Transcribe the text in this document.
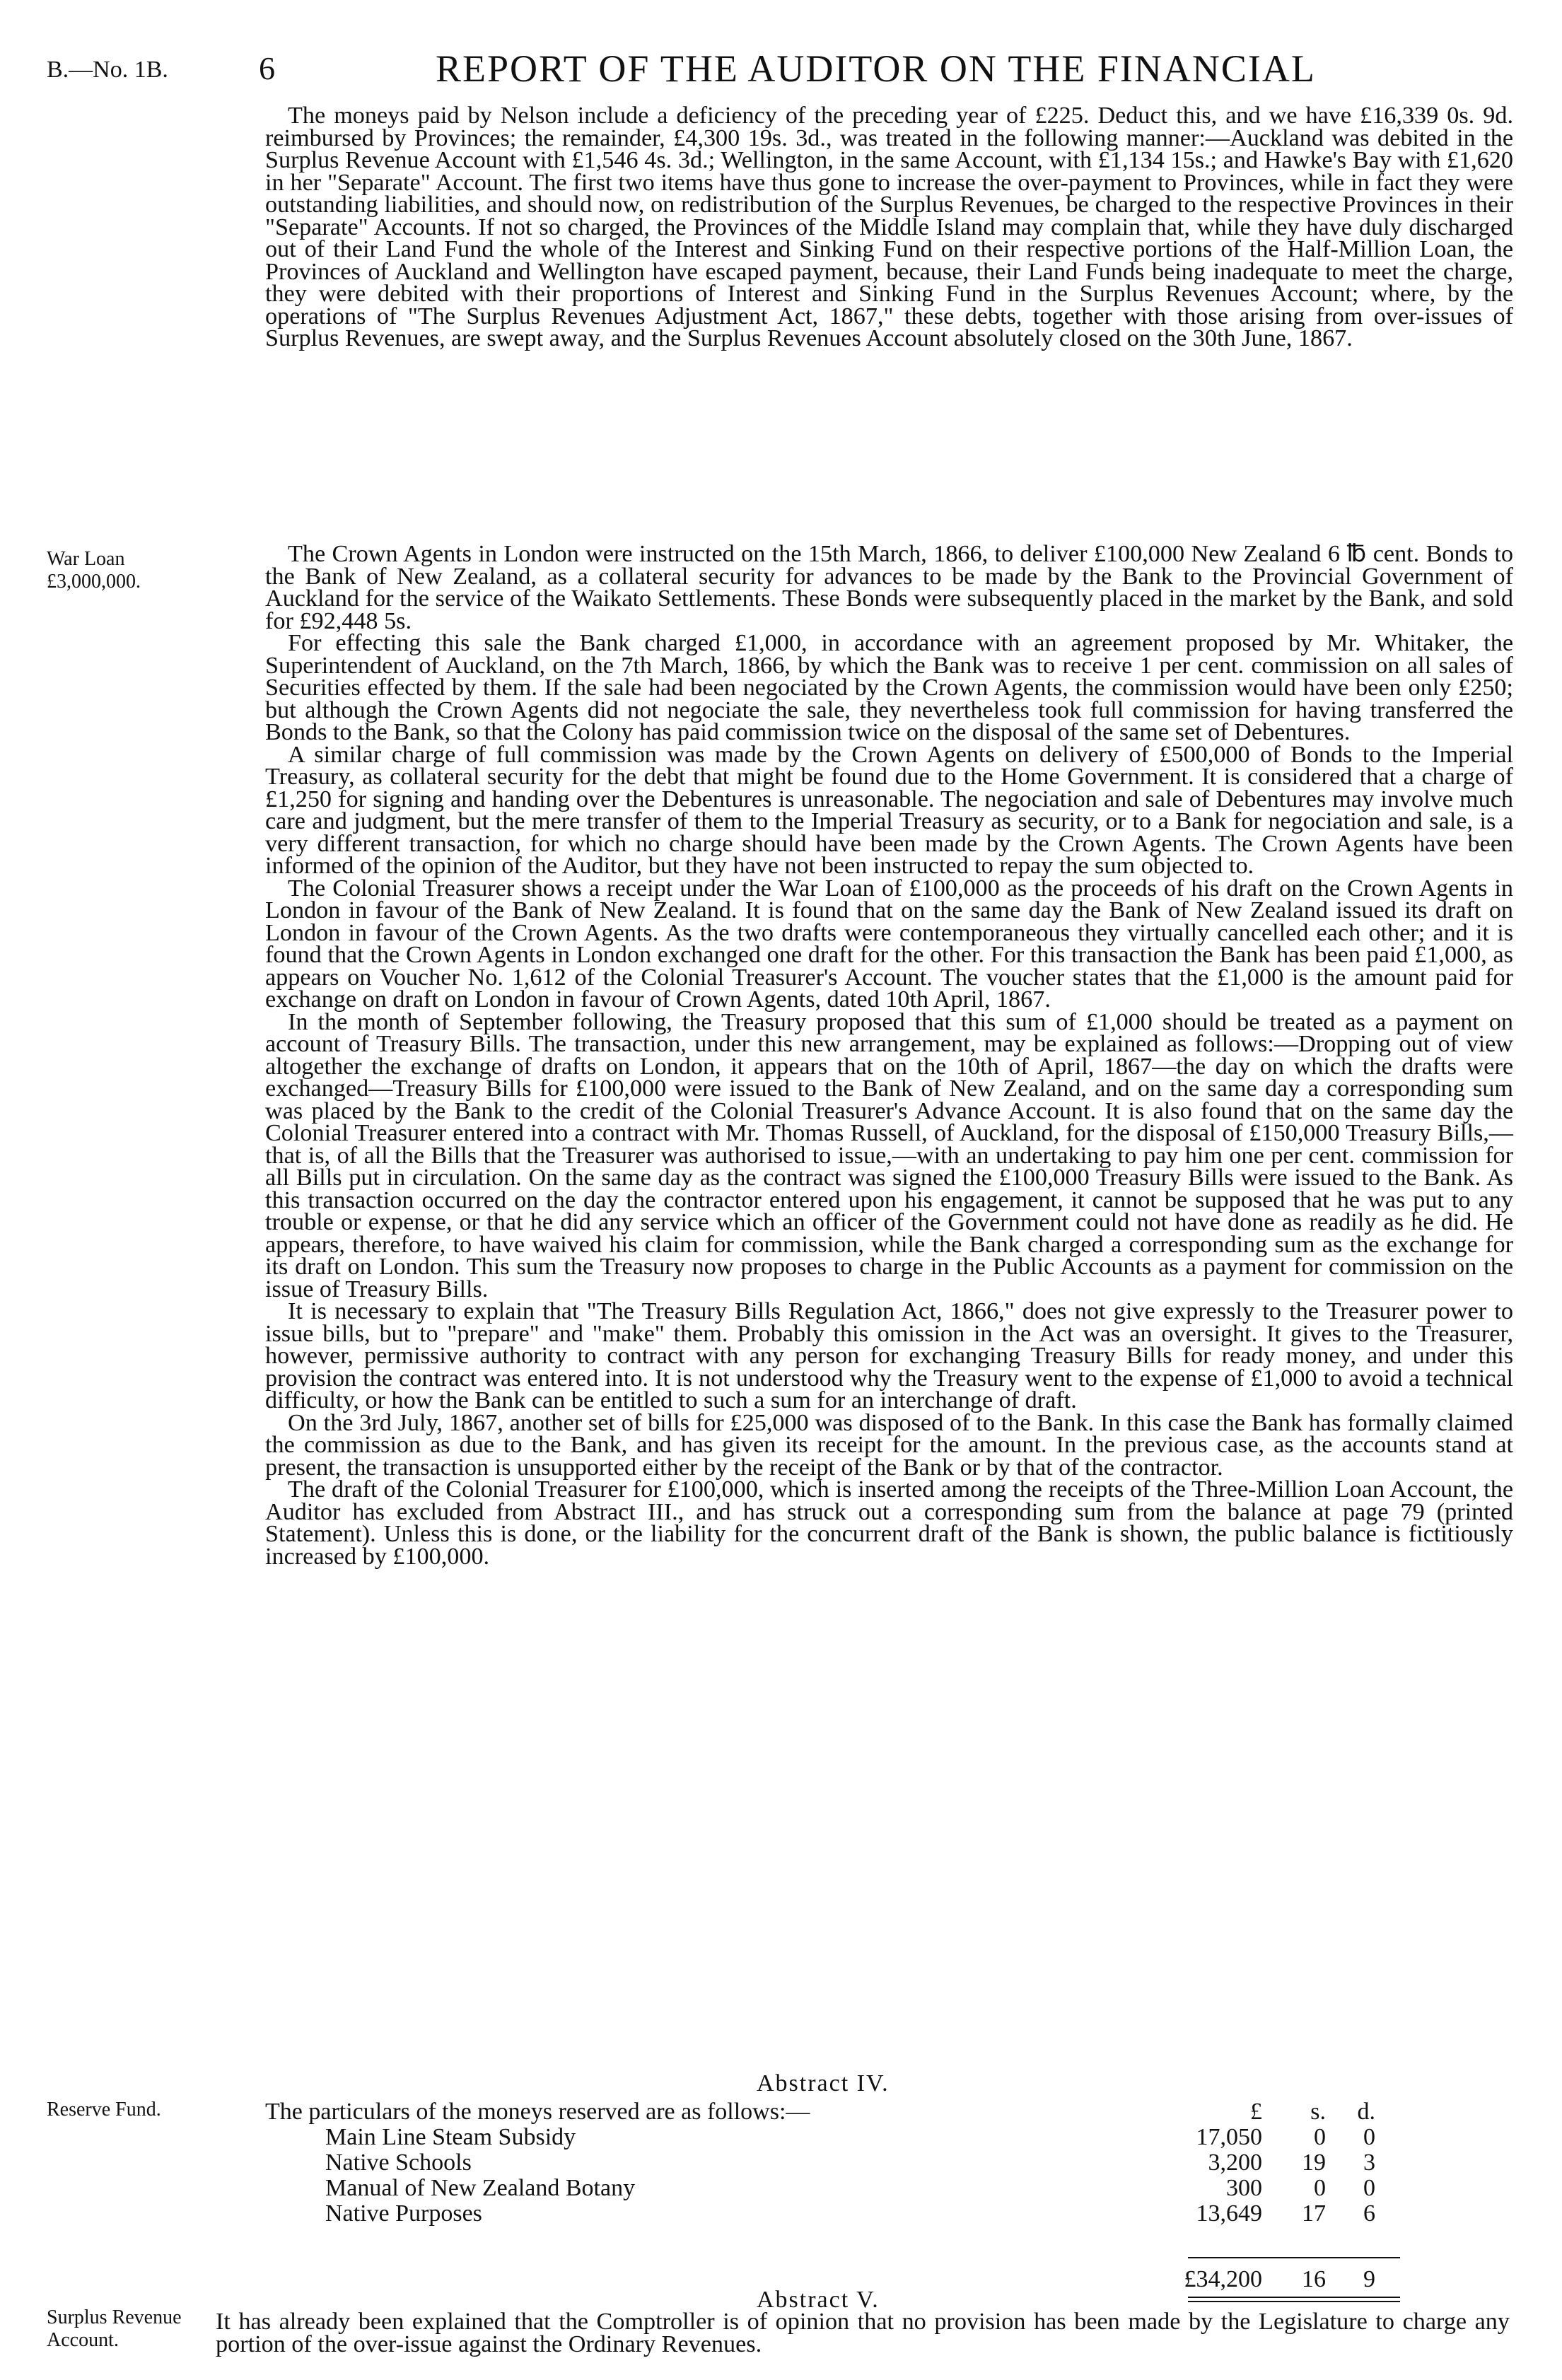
B.—No. 1B.	6	REPORT OF THE AUDITOR ON THE FINANCIAL
War Loan
£3,000,000.
Reserve Fund.
Surplus Revenue
Account.

The moneys paid by Nelson include a deficiency of the preceding year of £225. Deduct this, and we have £16,339 0s. 9d. reimbursed by Provinces; the remainder, £4,300 19s. 3d., was treated in the following manner:—Auckland was debited in the Surplus Revenue Account with £1,546 4s. 3d.; Wellington, in the same Account, with £1,134 15s.; and Hawke's Bay with £1,620 in her "Separate" Account. The first two items have thus gone to increase the over-payment to Provinces, while in fact they were outstanding liabilities, and should now, on redistribution of the Surplus Revenues, be charged to the respective Provinces in their "Separate" Accounts. If not so charged, the Provinces of the Middle Island may complain that, while they have duly discharged out of their Land Fund the whole of the Interest and Sinking Fund on their respective portions of the Half-Million Loan, the Provinces of Auckland and Wellington have escaped payment, because, their Land Funds being inadequate to meet the charge, they were debited with their proportions of Interest and Sinking Fund in the Surplus Revenues Account; where, by the operations of "The Surplus Revenues Adjustment Act, 1867," these debts, together with those arising from over-issues of Surplus Revenues, are swept away, and the Surplus Revenues Account absolutely closed on the 30th June, 1867.

The Crown Agents in London were instructed on the 15th March, 1866, to deliver £100,000 New Zealand 6 ℔ cent. Bonds to the Bank of New Zealand, as a collateral security for advances to be made by the Bank to the Provincial Government of Auckland for the service of the Waikato Settlements. These Bonds were subsequently placed in the market by the Bank, and sold for £92,448 5s.

For effecting this sale the Bank charged £1,000, in accordance with an agreement proposed by Mr. Whitaker, the Superintendent of Auckland, on the 7th March, 1866, by which the Bank was to receive 1 per cent. commission on all sales of Securities effected by them. If the sale had been negociated by the Crown Agents, the commission would have been only £250; but although the Crown Agents did not negociate the sale, they nevertheless took full commission for having transferred the Bonds to the Bank, so that the Colony has paid commission twice on the disposal of the same set of Debentures.

A similar charge of full commission was made by the Crown Agents on delivery of £500,000 of Bonds to the Imperial Treasury, as collateral security for the debt that might be found due to the Home Government. It is considered that a charge of £1,250 for signing and handing over the Debentures is unreasonable. The negociation and sale of Debentures may involve much care and judgment, but the mere transfer of them to the Imperial Treasury as security, or to a Bank for negociation and sale, is a very different transaction, for which no charge should have been made by the Crown Agents. The Crown Agents have been informed of the opinion of the Auditor, but they have not been instructed to repay the sum objected to.

The Colonial Treasurer shows a receipt under the War Loan of £100,000 as the proceeds of his draft on the Crown Agents in London in favour of the Bank of New Zealand. It is found that on the same day the Bank of New Zealand issued its draft on London in favour of the Crown Agents. As the two drafts were contemporaneous they virtually cancelled each other; and it is found that the Crown Agents in London exchanged one draft for the other. For this transaction the Bank has been paid £1,000, as appears on Voucher No. 1,612 of the Colonial Treasurer's Account. The voucher states that the £1,000 is the amount paid for exchange on draft on London in favour of Crown Agents, dated 10th April, 1867.

In the month of September following, the Treasury proposed that this sum of £1,000 should be treated as a payment on account of Treasury Bills. The transaction, under this new arrangement, may be explained as follows:—Dropping out of view altogether the exchange of drafts on London, it appears that on the 10th of April, 1867—the day on which the drafts were exchanged—Treasury Bills for £100,000 were issued to the Bank of New Zealand, and on the same day a corresponding sum was placed by the Bank to the credit of the Colonial Treasurer's Advance Account. It is also found that on the same day the Colonial Treasurer entered into a contract with Mr. Thomas Russell, of Auckland, for the disposal of £150,000 Treasury Bills,—that is, of all the Bills that the Treasurer was authorised to issue,—with an undertaking to pay him one per cent. commission for all Bills put in circulation. On the same day as the contract was signed the £100,000 Treasury Bills were issued to the Bank. As this transaction occurred on the day the contractor entered upon his engagement, it cannot be supposed that he was put to any trouble or expense, or that he did any service which an officer of the Government could not have done as readily as he did. He appears, therefore, to have waived his claim for commission, while the Bank charged a corresponding sum as the exchange for its draft on London. This sum the Treasury now proposes to charge in the Public Accounts as a payment for commission on the issue of Treasury Bills.

It is necessary to explain that "The Treasury Bills Regulation Act, 1866," does not give expressly to the Treasurer power to issue bills, but to "prepare" and "make" them. Probably this omission in the Act was an oversight. It gives to the Treasurer, however, permissive authority to contract with any person for exchanging Treasury Bills for ready money, and under this provision the contract was entered into. It is not understood why the Treasury went to the expense of £1,000 to avoid a technical difficulty, or how the Bank can be entitled to such a sum for an interchange of draft.

On the 3rd July, 1867, another set of bills for £25,000 was disposed of to the Bank. In this case the Bank has formally claimed the commission as due to the Bank, and has given its receipt for the amount. In the previous case, as the accounts stand at present, the transaction is unsupported either by the receipt of the Bank or by that of the contractor.

The draft of the Colonial Treasurer for £100,000, which is inserted among the receipts of the Three-Million Loan Account, the Auditor has excluded from Abstract III., and has struck out a corresponding sum from the balance at page 79 (printed Statement). Unless this is done, or the liability for the concurrent draft of the Bank is shown, the public balance is fictitiously increased by £100,000.

Abstract IV.
The particulars of the moneys reserved are as follows:—	£	s.	d.
Main Line Steam Subsidy	17,050	0	0
Native Schools	3,200	19	3
Manual of New Zealand Botany	300	0	0
Native Purposes	13,649	17	6
£34,200	16	9
Abstract V.

It has already been explained that the Comptroller is of opinion that no provision has been made by the Legislature to charge any portion of the over-issue against the Ordinary Revenues.
